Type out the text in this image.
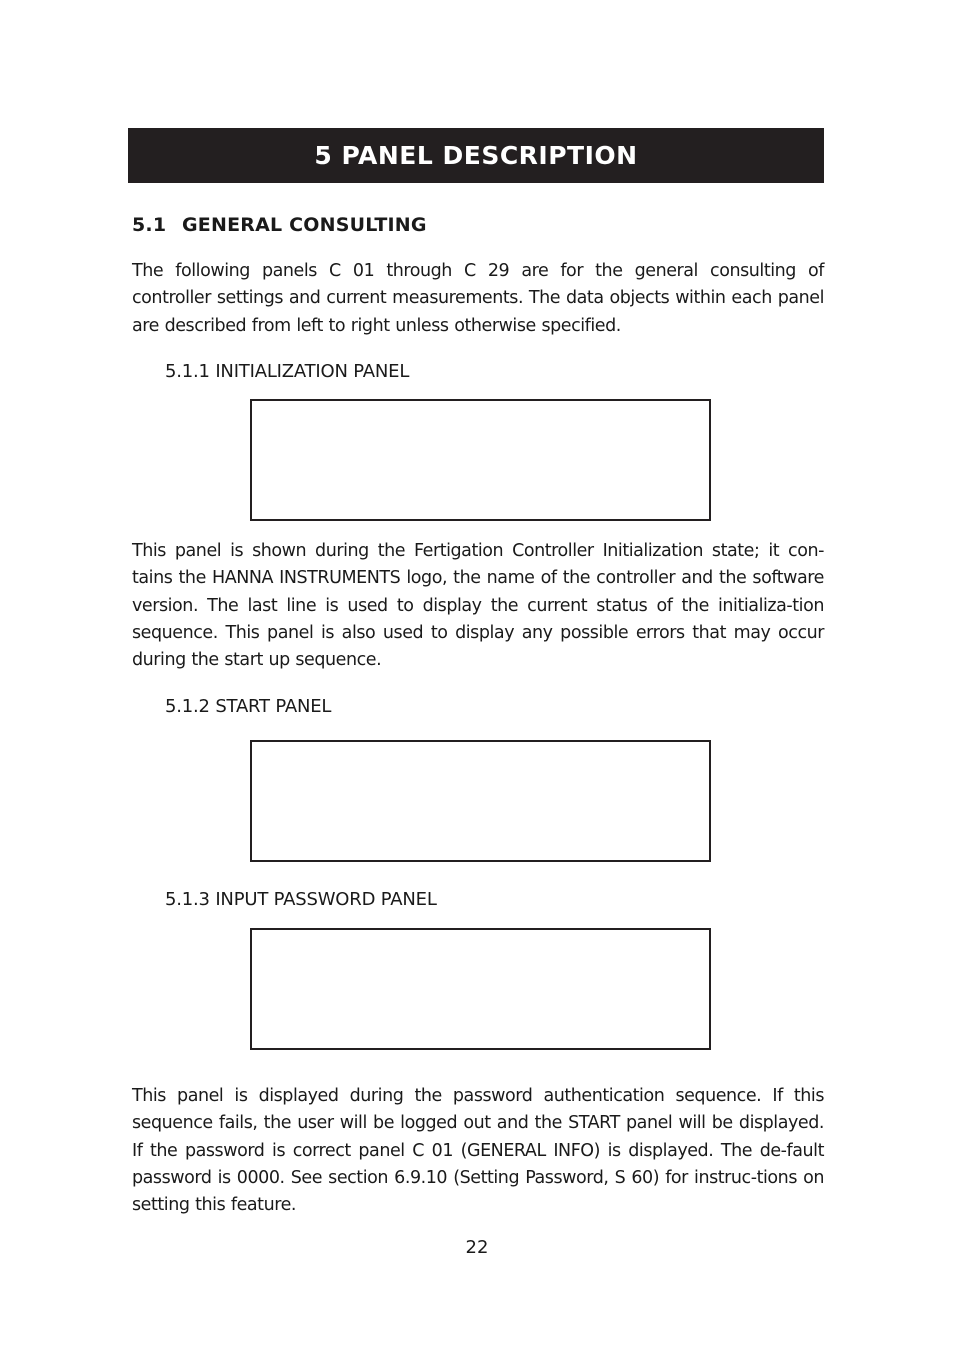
5 PANEL DESCRIPTION
5.1 GENERAL CONSULTING

The following panels C 01 through C 29 are for the general consulting of controller settings and current measurements. The data objects within each panel are described from left to right unless otherwise specified.

5.1.1 INITIALIZATION PANEL

This panel is shown during the Fertigation Controller Initialization state; it con-tains the HANNA INSTRUMENTS logo, the name of the controller and the software version. The last line is used to display the current status of the initializa-tion sequence. This panel is also used to display any possible errors that may occur during the start up sequence.

5.1.2 START PANEL
5.1.3 INPUT PASSWORD PANEL

This panel is displayed during the password authentication sequence. If this sequence fails, the user will be logged out and the START panel will be displayed. If the password is correct panel C 01 (GENERAL INFO) is displayed. The de-fault password is 0000. See section 6.9.10 (Setting Password, S 60) for instruc-tions on setting this feature.

22
